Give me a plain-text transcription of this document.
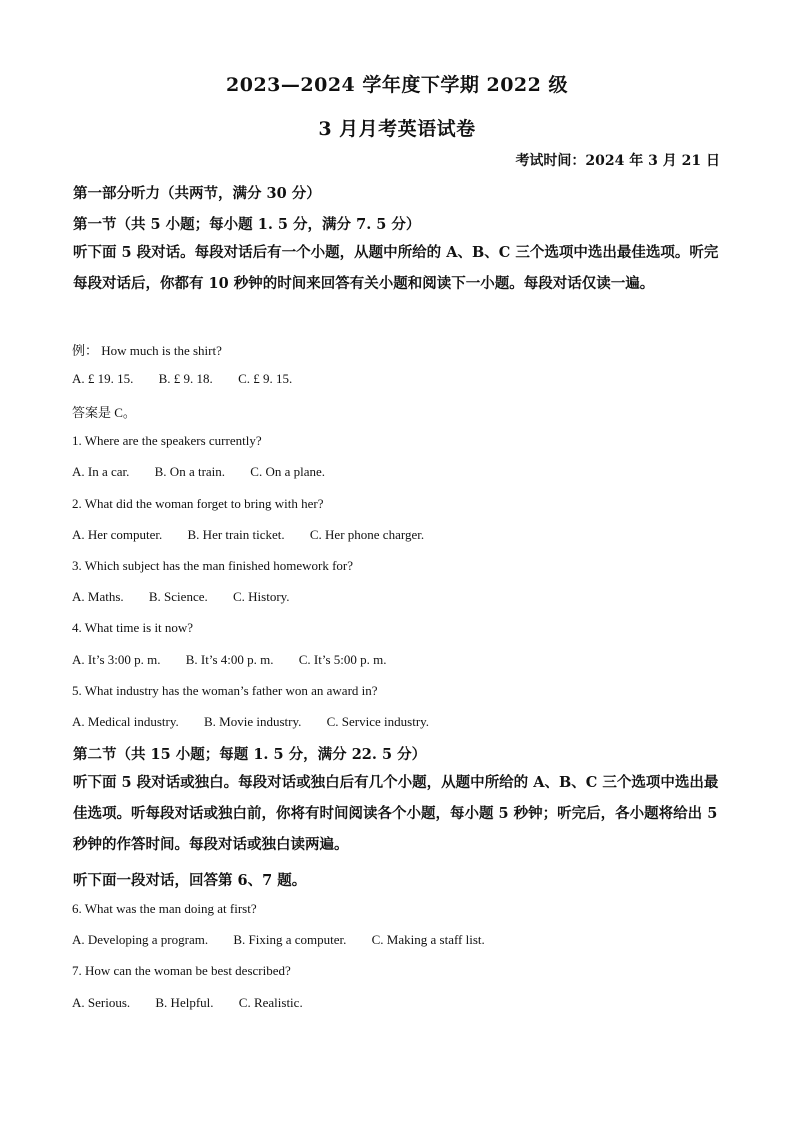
2023—2024 学年度下学期 2022 级
3 月月考英语试卷
考试时间：2024 年 3 月 21 日
第一部分听力（共两节，满分 30 分）
第一节（共 5 小题；每小题 1. 5 分，满分 7. 5 分）
听下面 5 段对话。每段对话后有一个小题，从题中所给的 A、B、C 三个选项中选出最佳选项。听完每段对话后，你都有 10 秒钟的时间来回答有关小题和阅读下一小题。每段对话仅读一遍。
例： How much is the shirt?
A. £ 19. 15. B. £ 9. 18. C. £ 9. 15.
答案是 C。
1. Where are the speakers currently?
A. In a car. B. On a train. C. On a plane.
2. What did the woman forget to bring with her?
A. Her computer. B. Her train ticket. C. Her phone charger.
3. Which subject has the man finished homework for?
A. Maths. B. Science. C. History.
4. What time is it now?
A. It’s 3:00 p. m. B. It’s 4:00 p. m. C. It’s 5:00 p. m.
5. What industry has the woman’s father won an award in?
A. Medical industry. B. Movie industry. C. Service industry.
第二节（共 15 小题；每题 1. 5 分，满分 22. 5 分）
听下面 5 段对话或独白。每段对话或独白后有几个小题，从题中所给的 A、B、C 三个选项中选出最佳选项。听每段对话或独白前，你将有时间阅读各个小题，每小题 5 秒钟；听完后，各小题将给出 5 秒钟的作答时间。每段对话或独白读两遍。
听下面一段对话，回答第 6、7 题。
6. What was the man doing at first?
A. Developing a program. B. Fixing a computer. C. Making a staff list.
7. How can the woman be best described?
A. Serious. B. Helpful. C. Realistic.
